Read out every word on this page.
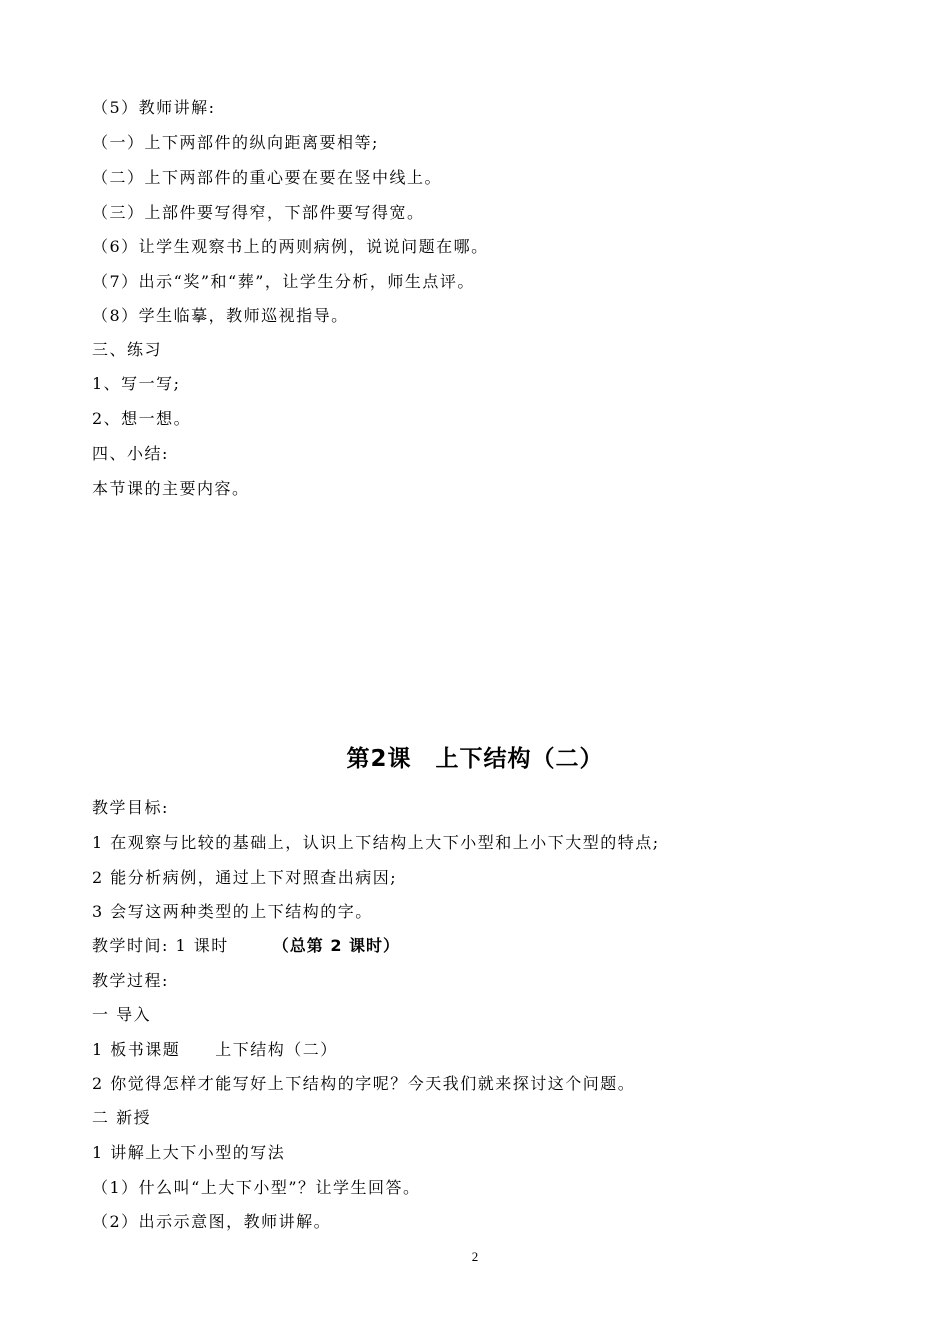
（5）教师讲解:
（一）上下两部件的纵向距离要相等;
（二）上下两部件的重心要在要在竖中线上。
（三）上部件要写得窄，下部件要写得宽。
（6）让学生观察书上的两则病例，说说问题在哪。
（7）出示“奖”和“葬”，让学生分析，师生点评。
（8）学生临摹，教师巡视指导。
三、练习
1、写一写;
2、想一想。
四、小结:
本节课的主要内容。
第2课　上下结构（二）
教学目标:
1 在观察与比较的基础上，认识上下结构上大下小型和上小下大型的特点;
2 能分析病例，通过上下对照查出病因;
3 会写这两种类型的上下结构的字。
教学时间: 1 课时	（总第 2 课时）
教学过程:
一 导入
1 板书课题　　上下结构（二）
2 你觉得怎样才能写好上下结构的字呢？今天我们就来探讨这个问题。
二 新授
1 讲解上大下小型的写法
（1）什么叫“上大下小型”？让学生回答。
（2）出示示意图，教师讲解。
2
